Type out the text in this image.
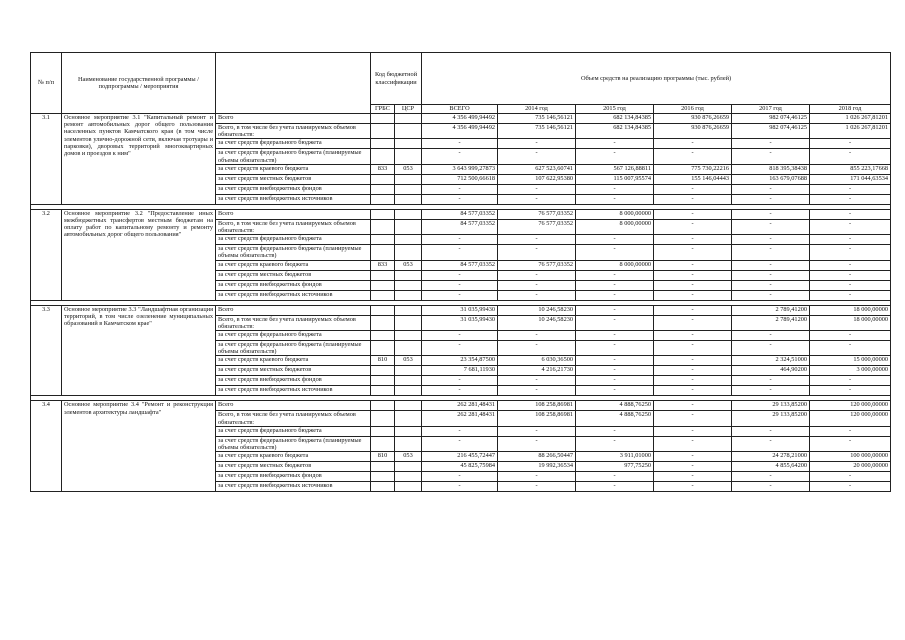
№ п/п	Наименование государственной программы / подпрограммы / мероприятия		Код бюджетной классификации		Объем средств на реализацию программы (тыс. рублей)					
			ГРБС	ЦСР	ВСЕГО	2014 год	2015 год	2016 год	2017 год	2018 год
3.1	Основное мероприятие 3.1 "Капитальный ремонт и ремонт автомобильных дорог общего пользования населенных пунктов Камчатского края (в том числе элементов улично-дорожной сети, включая тротуары и парковки), дворовых территорий многоквартирных домов и проездов к ним"	Всего			4 356 499,94492	735 146,56121	682 134,84385	930 876,26659	982 074,46125	1 026 267,81201
		Всего, в том числе без учета планируемых объемов обязательств:			4 356 499,94492	735 146,56121	682 134,84385	930 876,26659	982 074,46125	1 026 267,81201
		за счет средств федерального бюджета			-	-	-	-	-	-
		за счет средств федерального бюджета (планируемые объемы обязательств)			-	-	-	-	-	-
		за счет средств краевого бюджета	833	053	3 643 999,27873	627 523,60741	567 126,88811	775 730,22216	818 395,38438	855 223,17668
		за счет средств местных бюджетов			712 500,66618	107 622,95380	115 007,95574	155 146,04443	163 679,07688	171 044,63534
		за счет средств внебюджетных фондов			-	-	-	-	-	-
		за счет средств внебюджетных источников			-	-	-	-	-	-

3.2	Основное мероприятие 3.2 "Предоставление иных межбюджетных трансфертов местным бюджетам на оплату работ по капитальному ремонту и ремонту автомобильных дорог общего пользования"	Всего			84 577,03352	76 577,03352	8 000,00000	-	-	-
		Всего, в том числе без учета планируемых объемов обязательств:			84 577,03352	76 577,03352	8 000,00000	-	-	-
		за счет средств федерального бюджета			-	-	-	-	-	-
		за счет средств федерального бюджета (планируемые объемы обязательств)			-	-	-	-	-	-
		за счет средств краевого бюджета	833	053	84 577,03352	76 577,03352	8 000,00000	-	-	-
		за счет средств местных бюджетов			-	-	-	-	-	-
		за счет средств внебюджетных фондов			-	-	-	-	-	-
		за счет средств внебюджетных источников			-	-	-	-	-	-

3.3	Основное мероприятие 3.3 "Ландшафтная организация территорий, в том числе озеленение муниципальных образований в Камчатском крае"	Всего			31 035,99430	10 246,58230	-	-	2 789,41200	18 000,00000
		Всего, в том числе без учета планируемых объемов обязательств:			31 035,99430	10 246,58230	-	-	2 789,41200	18 000,00000
		за счет средств федерального бюджета			-	-	-	-	-	-
		за счет средств федерального бюджета (планируемые объемы обязательств)			-	-	-	-	-	-
		за счет средств краевого бюджета	810	053	23 354,87500	6 030,36500	-	-	2 324,51000	15 000,00000
		за счет средств местных бюджетов			7 681,11930	4 216,21730	-	-	464,90200	3 000,00000
		за счет средств внебюджетных фондов			-	-	-	-	-	-
		за счет средств внебюджетных источников			-	-	-	-	-	-

3.4	Основное мероприятие 3.4 "Ремонт и реконструкция элементов архитектуры ландшафта"	Всего			262 281,48431	108 258,86981	4 888,76250	-	29 133,85200	120 000,00000
		Всего, в том числе без учета планируемых объемов обязательств:			262 281,48431	108 258,86981	4 888,76250	-	29 133,85200	120 000,00000
		за счет средств федерального бюджета			-	-	-	-	-	-
		за счет средств федерального бюджета (планируемые объемы обязательств)			-	-	-	-	-	-
		за счет средств краевого бюджета	810	053	216 455,72447	88 266,50447	3 911,01000	-	24 278,21000	100 000,00000
		за счет средств местных бюджетов			45 825,75984	19 992,36534	977,75250	-	4 855,64200	20 000,00000
		за счет средств внебюджетных фондов			-	-	-	-	-	-
		за счет средств внебюджетных источников			-	-	-	-	-	-
